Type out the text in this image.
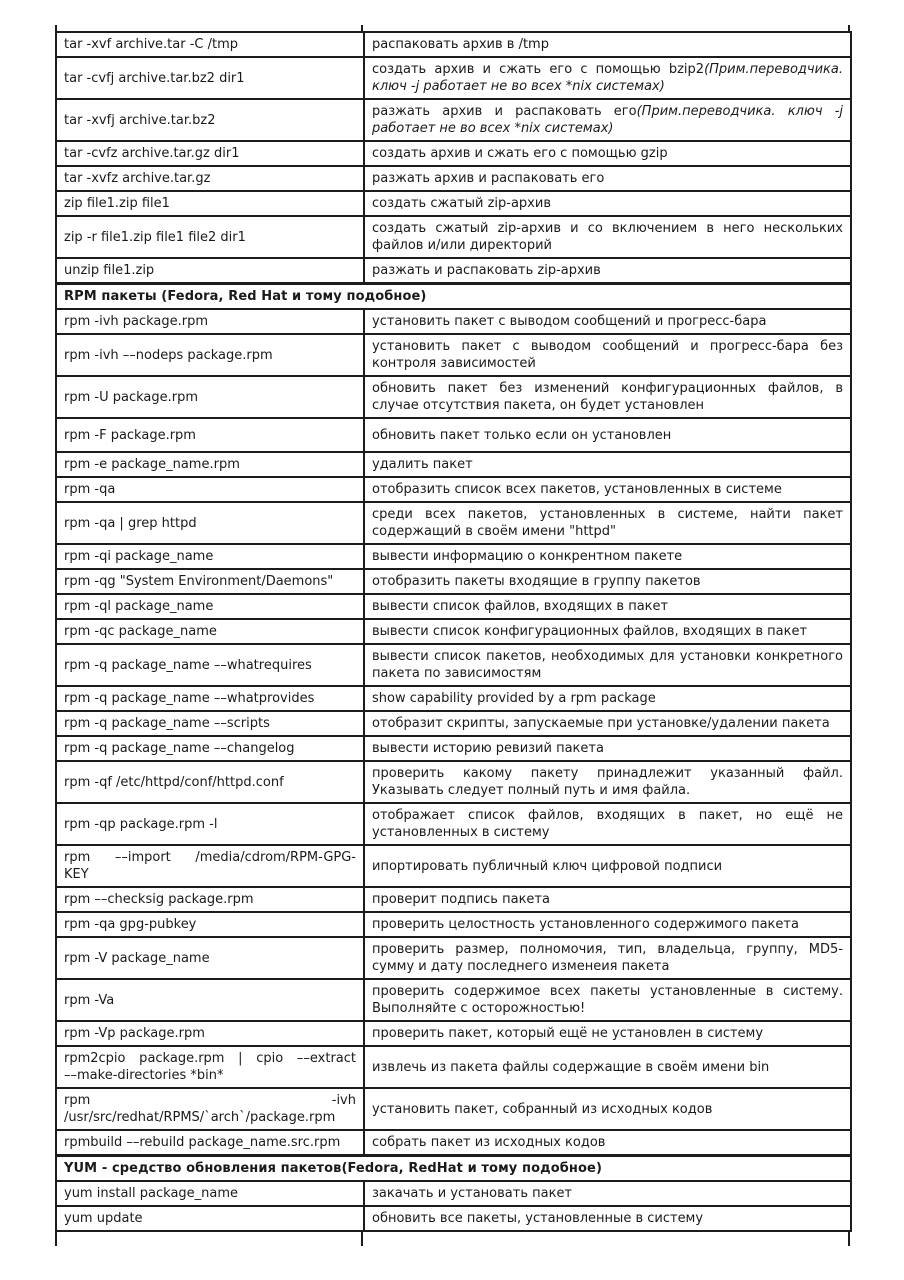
tar -xvf archive.tar -C /tmp	распаковать архив в /tmp
tar -cvfj archive.tar.bz2 dir1	создать архив и сжать его с помощью bzip2(Прим.переводчика. ключ -j работает не во всех *nix системах)
tar -xvfj archive.tar.bz2	разжать архив и распаковать его(Прим.переводчика. ключ -j работает не во всех *nix системах)
tar -cvfz archive.tar.gz dir1	создать архив и сжать его с помощью gzip
tar -xvfz archive.tar.gz	разжать архив и распаковать его
zip file1.zip file1	создать сжатый zip-архив
zip -r file1.zip file1 file2 dir1	создать сжатый zip-архив и со включением в него нескольких файлов и/или директорий
unzip file1.zip	разжать и распаковать zip-архив
RPM пакеты (Fedora, Red Hat и тому подобное)	
rpm -ivh package.rpm	установить пакет с выводом сообщений и прогресс-бара
rpm -ivh ––nodeps package.rpm	установить пакет с выводом сообщений и прогресс-бара без контроля зависимостей
rpm -U package.rpm	обновить пакет без изменений конфигурационных файлов, в случае отсутствия пакета, он будет установлен
rpm -F package.rpm	обновить пакет только если он установлен
rpm -e package_name.rpm	удалить пакет
rpm -qa	отобразить список всех пакетов, установленных в системе
rpm -qa | grep httpd	среди всех пакетов, установленных в системе, найти пакет содержащий в своём имени "httpd"
rpm -qi package_name	вывести информацию о конкрентном пакете
rpm -qg "System Environment/Daemons"	отобразить пакеты входящие в группу пакетов
rpm -ql package_name	вывести список файлов, входящих в пакет
rpm -qc package_name	вывести список конфигурационных файлов, входящих в пакет
rpm -q package_name ––whatrequires	вывести список пакетов, необходимых для установки конкретного пакета по зависимостям
rpm -q package_name ––whatprovides	show capability provided by a rpm package
rpm -q package_name ––scripts	отобразит скрипты, запускаемые при установке/удалении пакета
rpm -q package_name ––changelog	вывести историю ревизий пакета
rpm -qf /etc/httpd/conf/httpd.conf	проверить какому пакету принадлежит указанный файл. Указывать следует полный путь и имя файла.
rpm -qp package.rpm -l	отображает список файлов, входящих в пакет, но ещё не установленных в систему

rpm ––import /media/cdrom/RPM-GPG-
KEY	ипортировать публичный ключ цифровой подписи
rpm ––checksig package.rpm	проверит подпись пакета
rpm -qa gpg-pubkey	проверить целостность установленного содержимого пакета
rpm -V package_name	проверить размер, полномочия, тип, владельца, группу, MD5-сумму и дату последнего изменеия пакета
rpm -Va	проверить содержимое всех пакеты установленные в систему. Выполняйте с осторожностью!
rpm -Vp package.rpm	проверить пакет, который ещё не установлен в систему

rpm2cpio package.rpm | cpio ––extract
––make-directories *bin*	извлечь из пакета файлы содержащие в своём имени bin

rpm -ivh
/usr/src/redhat/RPMS/`arch`/package.rpm	установить пакет, собранный из исходных кодов
rpmbuild ––rebuild package_name.src.rpm	собрать пакет из исходных кодов
YUM - средство обновления пакетов(Fedora, RedHat и тому подобное)	
yum install package_name	закачать и установать пакет
yum update	обновить все пакеты, установленные в систему
